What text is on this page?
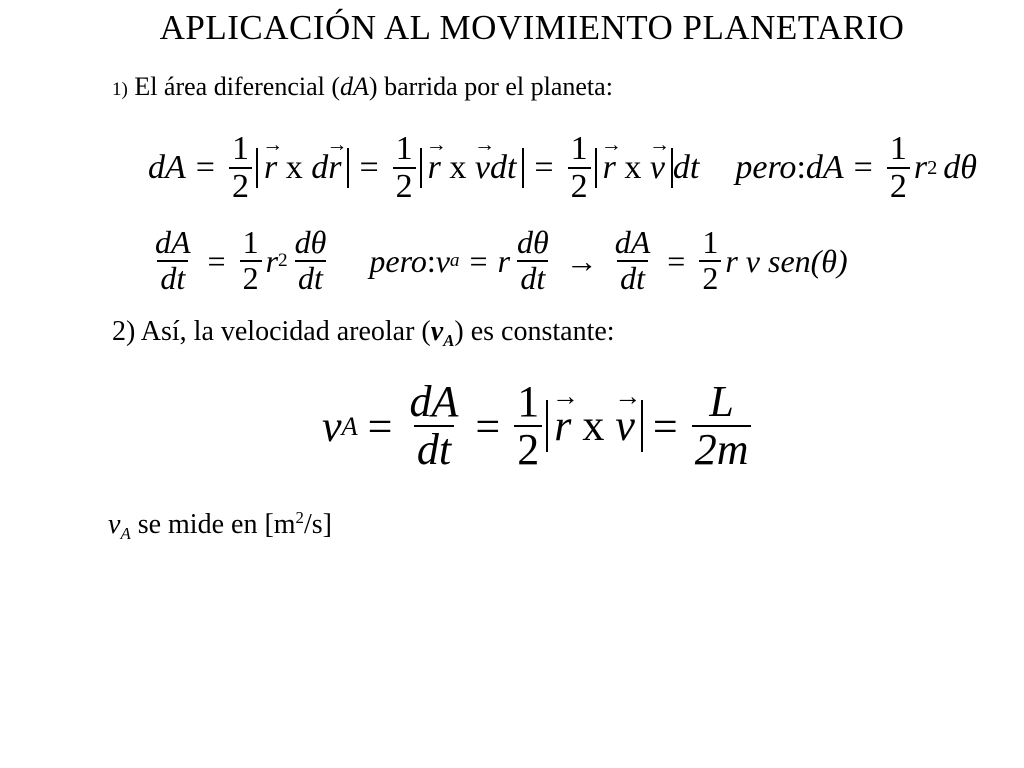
APLICACIÓN AL MOVIMIENTO PLANETARIO
1) El área diferencial (dA) barrida por el planeta:
dA = $\frac{1}{2}$ r → x dr → = $\frac{1}{2}$ r → x $v \to dt = \frac{1}{2}$ r → x v → dt pero : dA = $\frac{1}{2}$ r 2 dθ
$\frac{dA}{dt} = \frac{1}{2}$ r $2 \frac{d\theta}{dt}$ pero : v a = r $\frac{d\theta}{dt} \to \frac{dA}{dt} = \frac{1}{2}$ r v sen(θ)
2) Así, la velocidad areolar $(v_A)$ es constante:
v $A = \frac{dA}{dt} = \frac{1}{2}$ r → x v → = $\frac{L}{2m}$
$v_A$ se mide en $[m^2/s]$
